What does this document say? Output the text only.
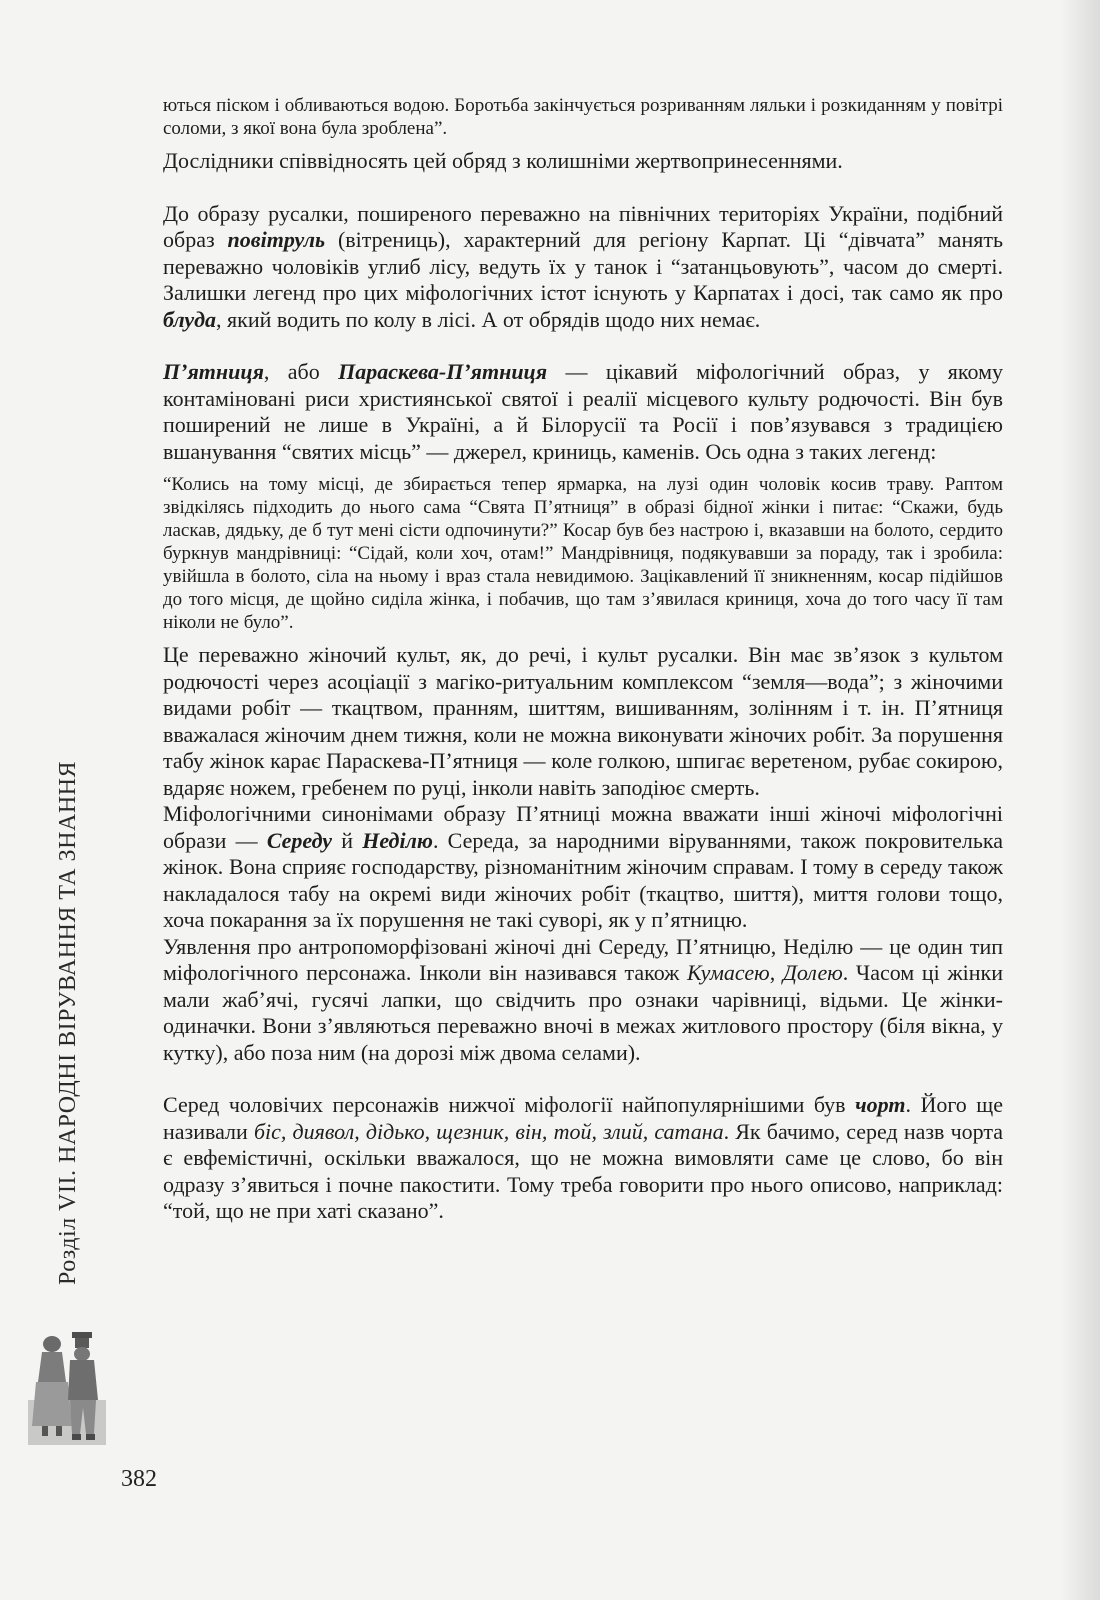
Розділ VII. НАРОДНІ ВІРУВАННЯ ТА ЗНАННЯ
382

ються піском і обливаються водою. Боротьба закінчується розриванням ляльки і розкиданням у повітрі соломи, з якої вона була зроблена”.

Дослідники співвідносять цей обряд з колишніми жертвопринесеннями.

До образу русалки, поширеного переважно на північних територіях України, подібний образ повітруль (вітрениць), характерний для регіону Карпат. Ці “дівчата” манять переважно чоловіків углиб лісу, ведуть їх у танок і “затанцьовують”, часом до смерті. Залишки легенд про цих міфологічних істот існують у Карпатах і досі, так само як про блуда, який водить по колу в лісі. А от обрядів щодо них немає.

П’ятниця, або Параскева-П’ятниця — цікавий міфологічний образ, у якому контаміновані риси християнської святої і реалії місцевого культу родючості. Він був поширений не лише в Україні, а й Білорусії та Росії і пов’язувався з традицією вшанування “святих місць” — джерел, криниць, каменів. Ось одна з таких легенд:

“Колись на тому місці, де збирається тепер ярмарка, на лузі один чоловік косив траву. Раптом звідкілясь підходить до нього сама “Свята П’ятниця” в образі бідної жінки і питає: “Скажи, будь ласкав, дядьку, де б тут мені сісти одпочинути?” Косар був без настрою і, вказавши на болото, сердито буркнув мандрівниці: “Сідай, коли хоч, отам!” Мандрівниця, подякувавши за пораду, так і зробила: увійшла в болото, сіла на ньому і враз стала невидимою. Зацікавлений її зникненням, косар підійшов до того місця, де щойно сиділа жінка, і побачив, що там з’явилася криниця, хоча до того часу її там ніколи не було”.

Це переважно жіночий культ, як, до речі, і культ русалки. Він має зв’язок з культом родючості через асоціації з магіко-ритуальним комплексом “земля—вода”; з жіночими видами робіт — ткацтвом, пранням, шиттям, вишиванням, золінням і т. ін. П’ятниця вважалася жіночим днем тижня, коли не можна виконувати жіночих робіт. За порушення табу жінок карає Параскева-П’ятниця — коле голкою, шпигає веретеном, рубає сокирою, вдаряє ножем, гребенем по руці, інколи навіть заподіює смерть.

Міфологічними синонімами образу П’ятниці можна вважати інші жіночі міфологічні образи — Середу й Неділю. Середа, за народними віруваннями, також покровителька жінок. Вона сприяє господарству, різноманітним жіночим справам. І тому в середу також накладалося табу на окремі види жіночих робіт (ткацтво, шиття), миття голови тощо, хоча покарання за їх порушення не такі суворі, як у п’ятницю.

Уявлення про антропоморфізовані жіночі дні Середу, П’ятницю, Неділю — це один тип міфологічного персонажа. Інколи він називався також Кумасею, Долею. Часом ці жінки мали жаб’ячі, гусячі лапки, що свідчить про ознаки чарівниці, відьми. Це жінки-одиначки. Вони з’являються переважно вночі в межах житлового простору (біля вікна, у кутку), або поза ним (на дорозі між двома селами).

Серед чоловічих персонажів нижчої міфології найпопулярнішими був чорт. Його ще називали біс, диявол, дідько, щезник, він, той, злий, сатана. Як бачимо, серед назв чорта є евфемістичні, оскільки вважалося, що не можна вимовляти саме це слово, бо він одразу з’явиться і почне пакостити. Тому треба говорити про нього описово, наприклад: “той, що не при хаті сказано”.
